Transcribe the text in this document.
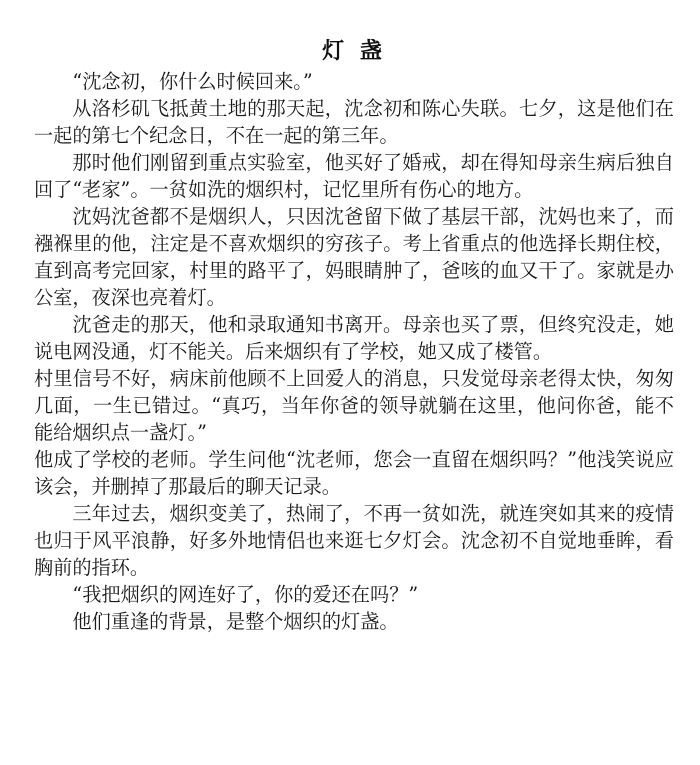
灯 盏

“沈念初，你什么时候回来。”

从洛杉矶飞抵黄土地的那天起，沈念初和陈心失联。七夕，这是他们在一起的第七个纪念日，不在一起的第三年。

那时他们刚留到重点实验室，他买好了婚戒，却在得知母亲生病后独自回了“老家”。一贫如洗的烟织村，记忆里所有伤心的地方。

沈妈沈爸都不是烟织人，只因沈爸留下做了基层干部，沈妈也来了，而襁褓里的他，注定是不喜欢烟织的穷孩子。考上省重点的他选择长期住校，直到高考完回家，村里的路平了，妈眼睛肿了，爸咳的血又干了。家就是办公室，夜深也亮着灯。

沈爸走的那天，他和录取通知书离开。母亲也买了票，但终究没走，她说电网没通，灯不能关。后来烟织有了学校，她又成了楼管。

村里信号不好，病床前他顾不上回爱人的消息，只发觉母亲老得太快，匆匆几面，一生已错过。“真巧，当年你爸的领导就躺在这里，他问你爸，能不能给烟织点一盏灯。”

他成了学校的老师。学生问他“沈老师，您会一直留在烟织吗？”他浅笑说应该会，并删掉了那最后的聊天记录。

三年过去，烟织变美了，热闹了，不再一贫如洗，就连突如其来的疫情也归于风平浪静，好多外地情侣也来逛七夕灯会。沈念初不自觉地垂眸，看胸前的指环。

“我把烟织的网连好了，你的爱还在吗？”

他们重逢的背景，是整个烟织的灯盏。
